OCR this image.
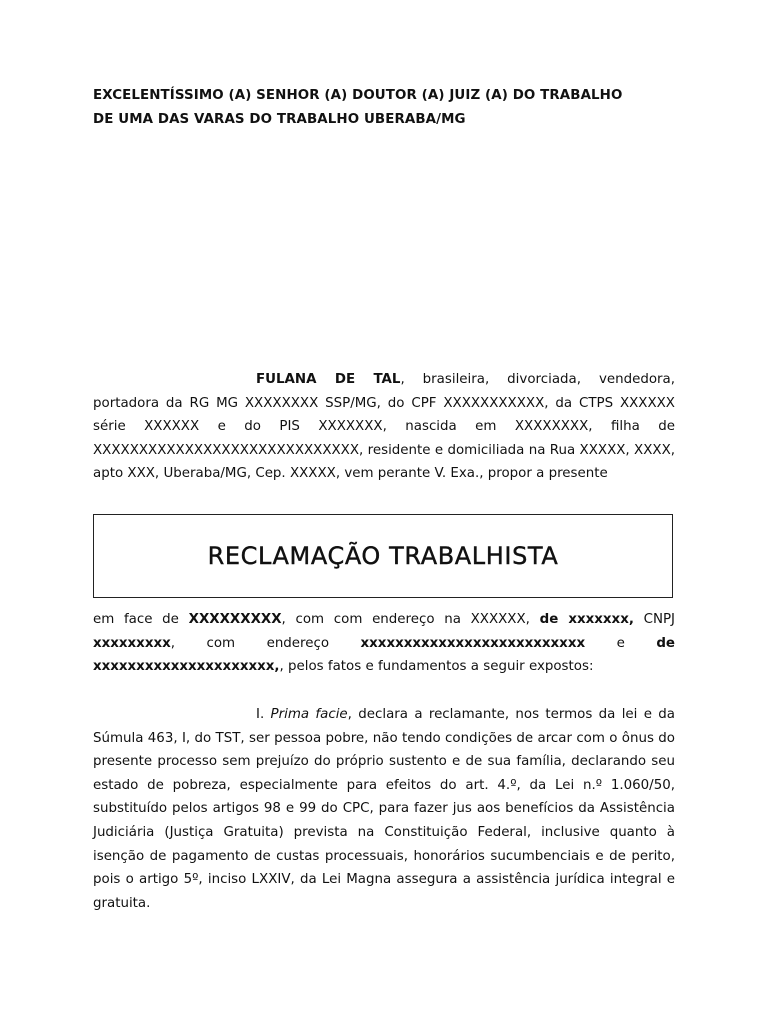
EXCELENTÍSSIMO (A) SENHOR (A) DOUTOR (A) JUIZ (A) DO TRABALHO
DE UMA DAS VARAS DO TRABALHO UBERABA/MG

FULANA DE TAL, brasileira, divorciada, vendedora, portadora da RG MG XXXXXXXX SSP/MG, do CPF XXXXXXXXXXX, da CTPS XXXXXX série XXXXXX e do PIS XXXXXXX, nascida em XXXXXXXX, filha de XXXXXXXXXXXXXXXXXXXXXXXXXXXXX, residente e domiciliada na Rua XXXXX, XXXX, apto XXX, Uberaba/MG, Cep. XXXXX, vem perante V. Exa., propor a presente

RECLAMAÇÃO TRABALHISTA

em face de XXXXXXXXX, com com endereço na XXXXXX, de xxxxxxx, CNPJ xxxxxxxxx, com endereço xxxxxxxxxxxxxxxxxxxxxxxxxx e de xxxxxxxxxxxxxxxxxxxxx,, pelos fatos e fundamentos a seguir expostos:

I. Prima facie, declara a reclamante, nos termos da lei e da Súmula 463, I, do TST, ser pessoa pobre, não tendo condições de arcar com o ônus do presente processo sem prejuízo do próprio sustento e de sua família, declarando seu estado de pobreza, especialmente para efeitos do art. 4.º, da Lei n.º 1.060/50, substituído pelos artigos 98 e 99 do CPC, para fazer jus aos benefícios da Assistência Judiciária (Justiça Gratuita) prevista na Constituição Federal, inclusive quanto à isenção de pagamento de custas processuais, honorários sucumbenciais e de perito, pois o artigo 5º, inciso LXXIV, da Lei Magna assegura a assistência jurídica integral e gratuita.
